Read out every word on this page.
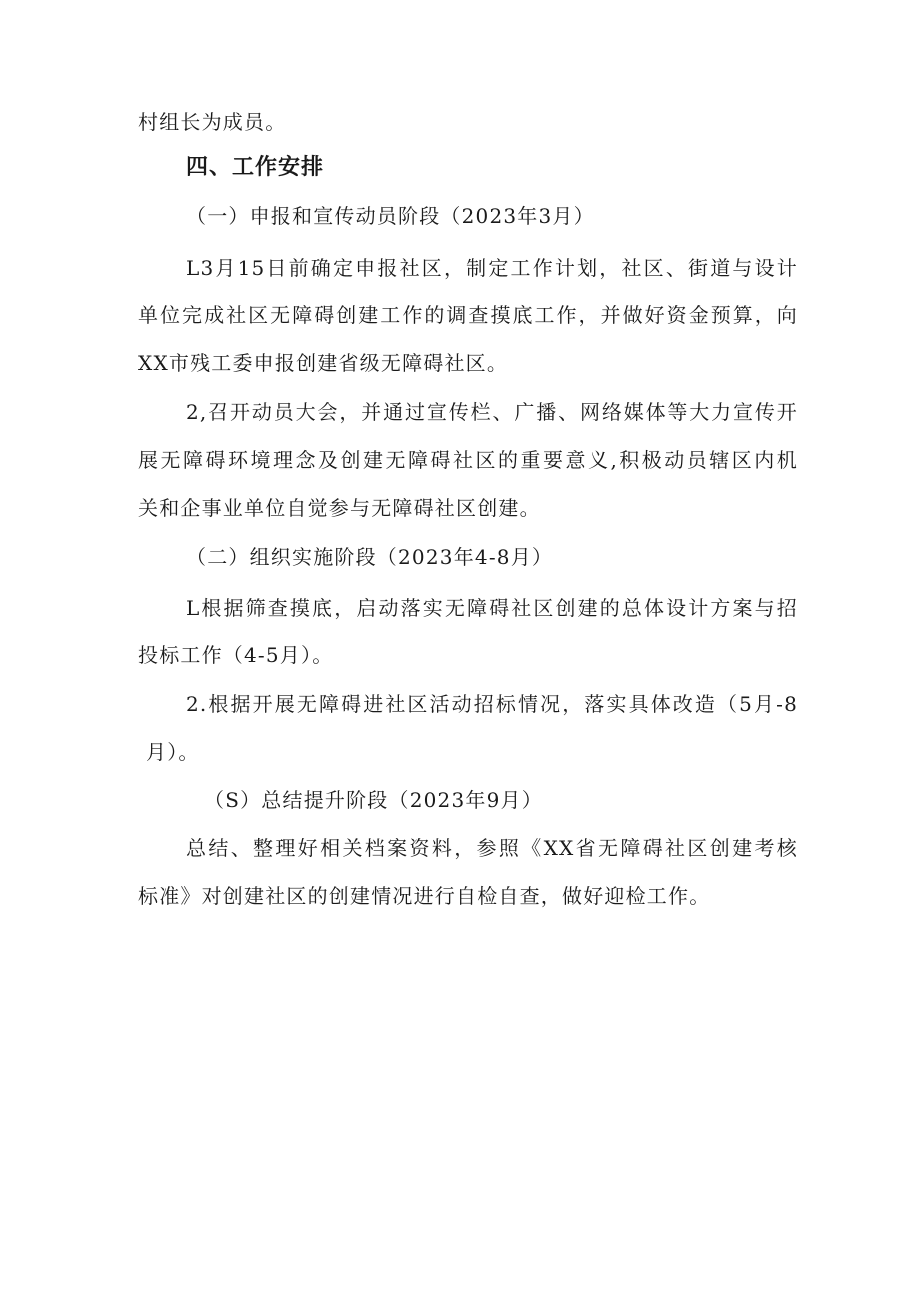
村组长为成员。
四、工作安排
（一）申报和宣传动员阶段（2023年3月）
L3月15日前确定申报社区，制定工作计划，社区、街道与设计
单位完成社区无障碍创建工作的调查摸底工作，并做好资金预算，向
XX市残工委申报创建省级无障碍社区。
2,召开动员大会，并通过宣传栏、广播、网络媒体等大力宣传开
展无障碍环境理念及创建无障碍社区的重要意义,积极动员辖区内机
关和企事业单位自觉参与无障碍社区创建。
（二）组织实施阶段（2023年4-8月）
L根据筛查摸底，启动落实无障碍社区创建的总体设计方案与招
投标工作（4-5月）。
2.根据开展无障碍进社区活动招标情况，落实具体改造（5月-8
月）。
（S）总结提升阶段（2023年9月）
总结、整理好相关档案资料，参照《XX省无障碍社区创建考核
标准》对创建社区的创建情况进行自检自查，做好迎检工作。
